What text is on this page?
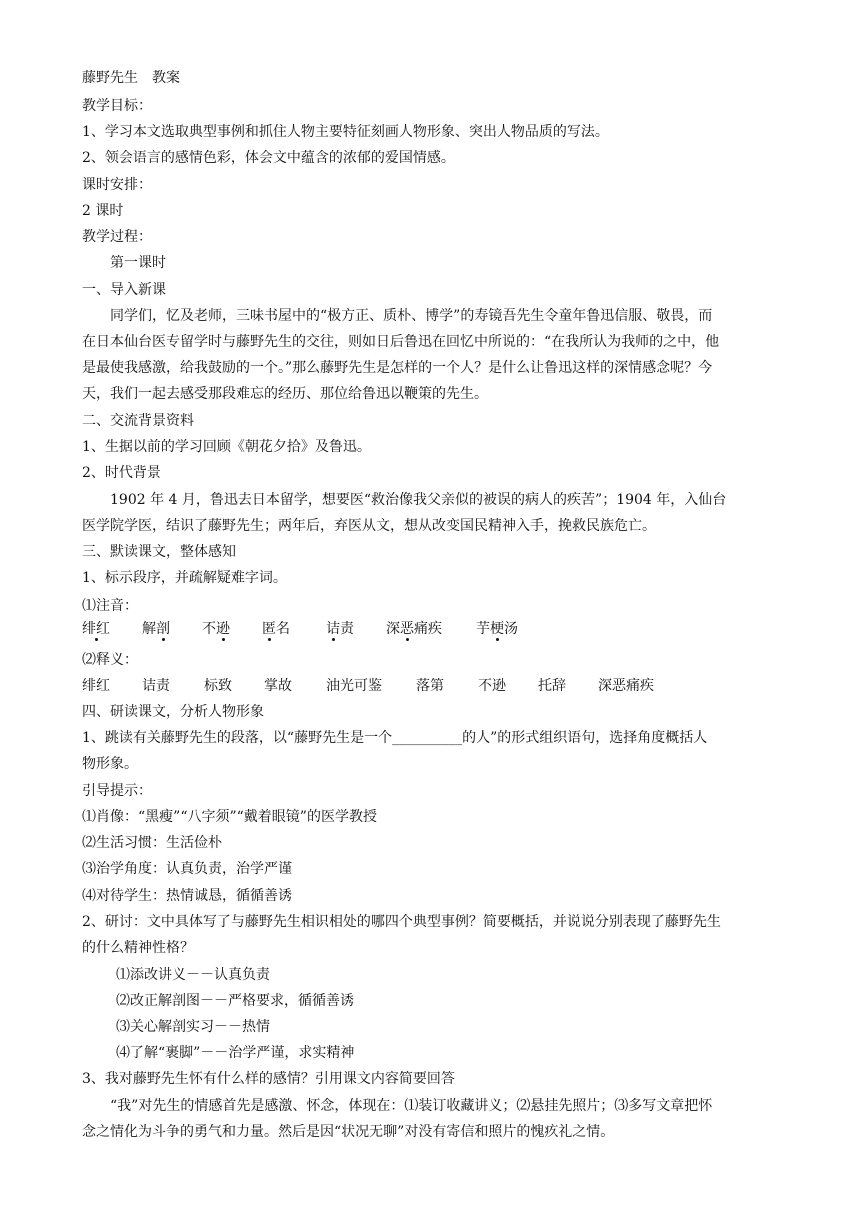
藤野先生　教案
教学目标：
1、学习本文选取典型事例和抓住人物主要特征刻画人物形象、突出人物品质的写法。
2、领会语言的感情色彩，体会文中蕴含的浓郁的爱国情感。
课时安排：
2 课时
教学过程：
第一课时
一、导入新课
同学们，忆及老师，三味书屋中的“极方正、质朴、博学”的寿镜吾先生令童年鲁迅信服、敬畏，而
在日本仙台医专留学时与藤野先生的交往，则如日后鲁迅在回忆中所说的：“在我所认为我师的之中，他
是最使我感激，给我鼓励的一个。”那么藤野先生是怎样的一个人？是什么让鲁迅这样的深情感念呢？今
天，我们一起去感受那段难忘的经历、那位给鲁迅以鞭策的先生。
二、交流背景资料
1、生据以前的学习回顾《朝花夕拾》及鲁迅。
2、时代背景
1902 年 4 月，鲁迅去日本留学，想要医“救治像我父亲似的被误的病人的疾苦”；1904 年，入仙台
医学院学医，结识了藤野先生；两年后，弃医从文，想从改变国民精神入手，挽救民族危亡。
三、默读课文，整体感知
1、标示段序，并疏解疑难字词。
⑴注音：
绯红 解剖 不逊 匿名	诘责 深恶痛疾 芋梗汤
⑵释义：
绯红 诘责 标致 掌故 油光可鉴 落第 不逊 托辞 深恶痛疾
四、研读课文，分析人物形象
1、跳读有关藤野先生的段落，以“藤野先生是一个__________的人”的形式组织语句，选择角度概括人
物形象。
引导提示：
⑴肖像：“黑瘦”“八字须”“戴着眼镜”的医学教授
⑵生活习惯：生活俭朴
⑶治学角度：认真负责，治学严谨
⑷对待学生：热情诚恳，循循善诱
2、研讨：文中具体写了与藤野先生相识相处的哪四个典型事例？简要概括，并说说分别表现了藤野先生
的什么精神性格？
⑴添改讲义－－认真负责
⑵改正解剖图－－严格要求，循循善诱
⑶关心解剖实习－－热情
⑷了解“裹脚”－－治学严谨，求实精神
3、我对藤野先生怀有什么样的感情？引用课文内容简要回答
“我”对先生的情感首先是感激、怀念，体现在：⑴装订收藏讲义；⑵悬挂先照片；⑶多写文章把怀
念之情化为斗争的勇气和力量。然后是因“状况无聊”对没有寄信和照片的愧疚礼之情。
